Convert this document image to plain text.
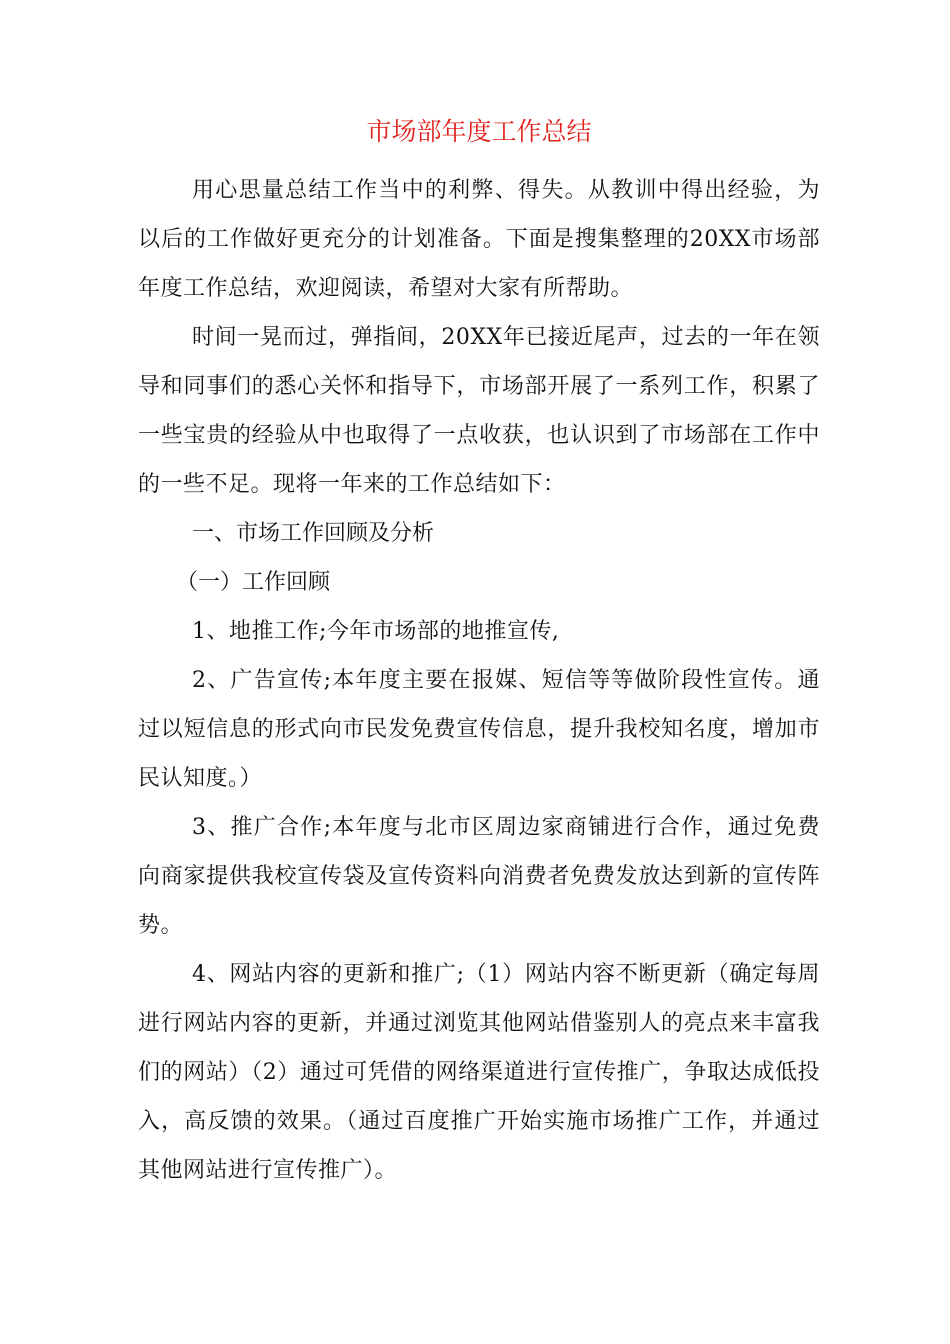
市场部年度工作总结

用心思量总结工作当中的利弊、得失。从教训中得出经验，为以后的工作做好更充分的计划准备。下面是搜集整理的20XX市场部年度工作总结，欢迎阅读，希望对大家有所帮助。

时间一晃而过，弹指间，20XX年已接近尾声，过去的一年在领导和同事们的悉心关怀和指导下，市场部开展了一系列工作，积累了一些宝贵的经验从中也取得了一点收获，也认识到了市场部在工作中的一些不足。现将一年来的工作总结如下：

一、市场工作回顾及分析

（一）工作回顾

1、地推工作;今年市场部的地推宣传,

2、广告宣传;本年度主要在报媒、短信等等做阶段性宣传。通过以短信息的形式向市民发免费宣传信息，提升我校知名度，增加市民认知度。）

3、推广合作;本年度与北市区周边家商铺进行合作，通过免费向商家提供我校宣传袋及宣传资料向消费者免费发放达到新的宣传阵势。

4、网站内容的更新和推广;（1）网站内容不断更新（确定每周进行网站内容的更新，并通过浏览其他网站借鉴别人的亮点来丰富我们的网站）（2）通过可凭借的网络渠道进行宣传推广，争取达成低投入，高反馈的效果。（通过百度推广开始实施市场推广工作，并通过其他网站进行宣传推广）。
